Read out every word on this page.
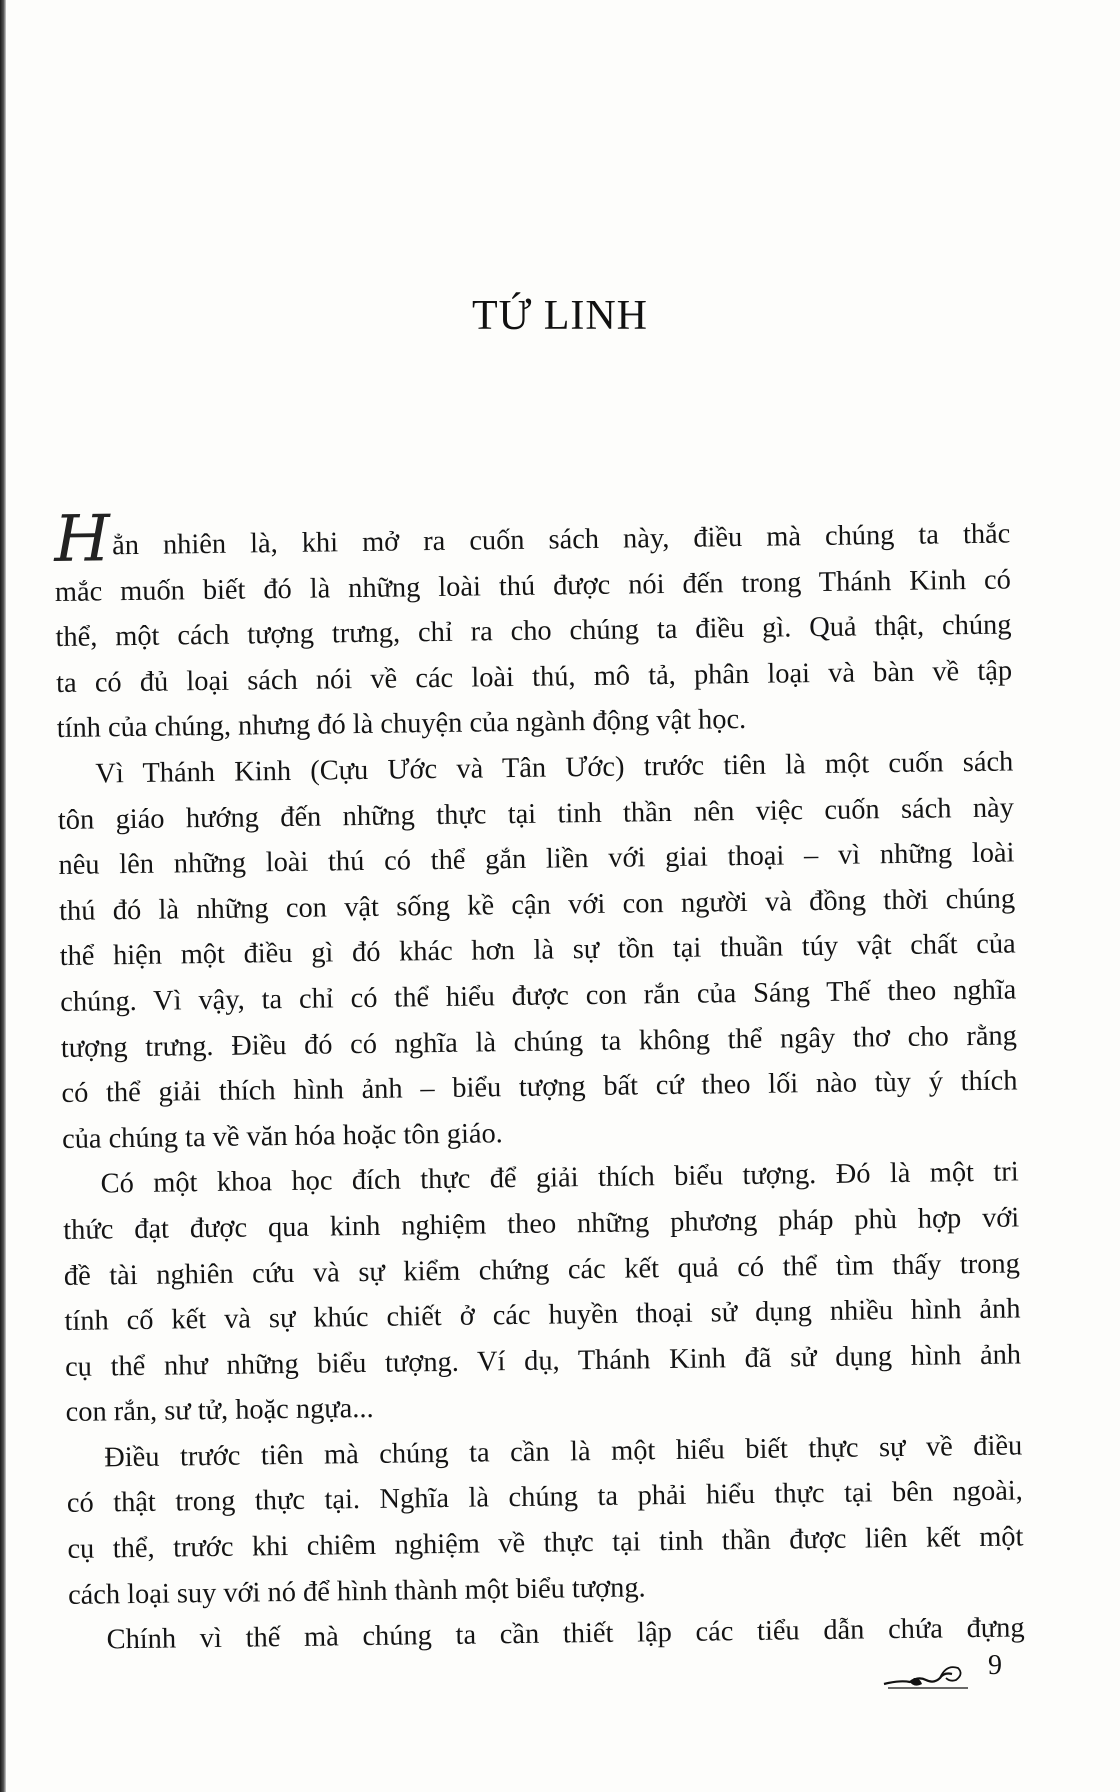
TỨ LINH
Hẳn nhiên là, khi mở ra cuốn sách này, điều mà chúng ta thắc
mắc muốn biết đó là những loài thú được nói đến trong Thánh Kinh có
thể, một cách tượng trưng, chỉ ra cho chúng ta điều gì. Quả thật, chúng
ta có đủ loại sách nói về các loài thú, mô tả, phân loại và bàn về tập
tính của chúng, nhưng đó là chuyện của ngành động vật học.
Vì Thánh Kinh (Cựu Ước và Tân Ước) trước tiên là một cuốn sách
tôn giáo hướng đến những thực tại tinh thần nên việc cuốn sách này
nêu lên những loài thú có thể gắn liền với giai thoại – vì những loài
thú đó là những con vật sống kề cận với con người và đồng thời chúng
thể hiện một điều gì đó khác hơn là sự tồn tại thuần túy vật chất của
chúng. Vì vậy, ta chỉ có thể hiểu được con rắn của Sáng Thế theo nghĩa
tượng trưng. Điều đó có nghĩa là chúng ta không thể ngây thơ cho rằng
có thể giải thích hình ảnh – biểu tượng bất cứ theo lối nào tùy ý thích
của chúng ta về văn hóa hoặc tôn giáo.
Có một khoa học đích thực để giải thích biểu tượng. Đó là một tri
thức đạt được qua kinh nghiệm theo những phương pháp phù hợp với
đề tài nghiên cứu và sự kiểm chứng các kết quả có thể tìm thấy trong
tính cố kết và sự khúc chiết ở các huyền thoại sử dụng nhiều hình ảnh
cụ thể như những biểu tượng. Ví dụ, Thánh Kinh đã sử dụng hình ảnh
con rắn, sư tử, hoặc ngựa...
Điều trước tiên mà chúng ta cần là một hiểu biết thực sự về điều
có thật trong thực tại. Nghĩa là chúng ta phải hiểu thực tại bên ngoài,
cụ thể, trước khi chiêm nghiệm về thực tại tinh thần được liên kết một
cách loại suy với nó để hình thành một biểu tượng.
Chính vì thế mà chúng ta cần thiết lập các tiểu dẫn chứa đựng
9
